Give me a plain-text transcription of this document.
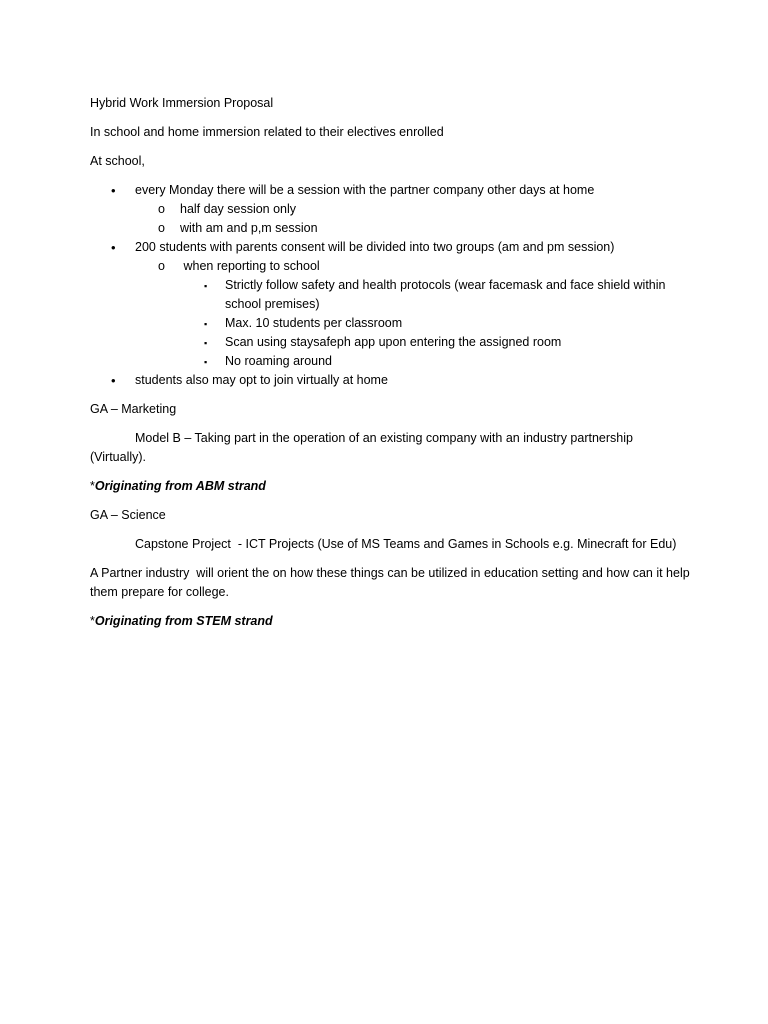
Hybrid Work Immersion Proposal

In school and home immersion related to their electives enrolled

At school,

• every Monday there will be a session with the partner company other days at home
o half day session only
o with am and p,m session
• 200 students with parents consent will be divided into two groups (am and pm session)
o when reporting to school
▪ Strictly follow safety and health protocols (wear facemask and face shield within school premises)
▪ Max. 10 students per classroom
▪ Scan using staysafeph app upon entering the assigned room
▪ No roaming around
• students also may opt to join virtually at home

GA – Marketing

Model B – Taking part in the operation of an existing company with an industry partnership (Virtually).

*Originating from ABM strand

GA – Science

Capstone Project  - ICT Projects (Use of MS Teams and Games in Schools e.g. Minecraft for Edu)

A Partner industry  will orient the on how these things can be utilized in education setting and how can it help them prepare for college.

*Originating from STEM strand
